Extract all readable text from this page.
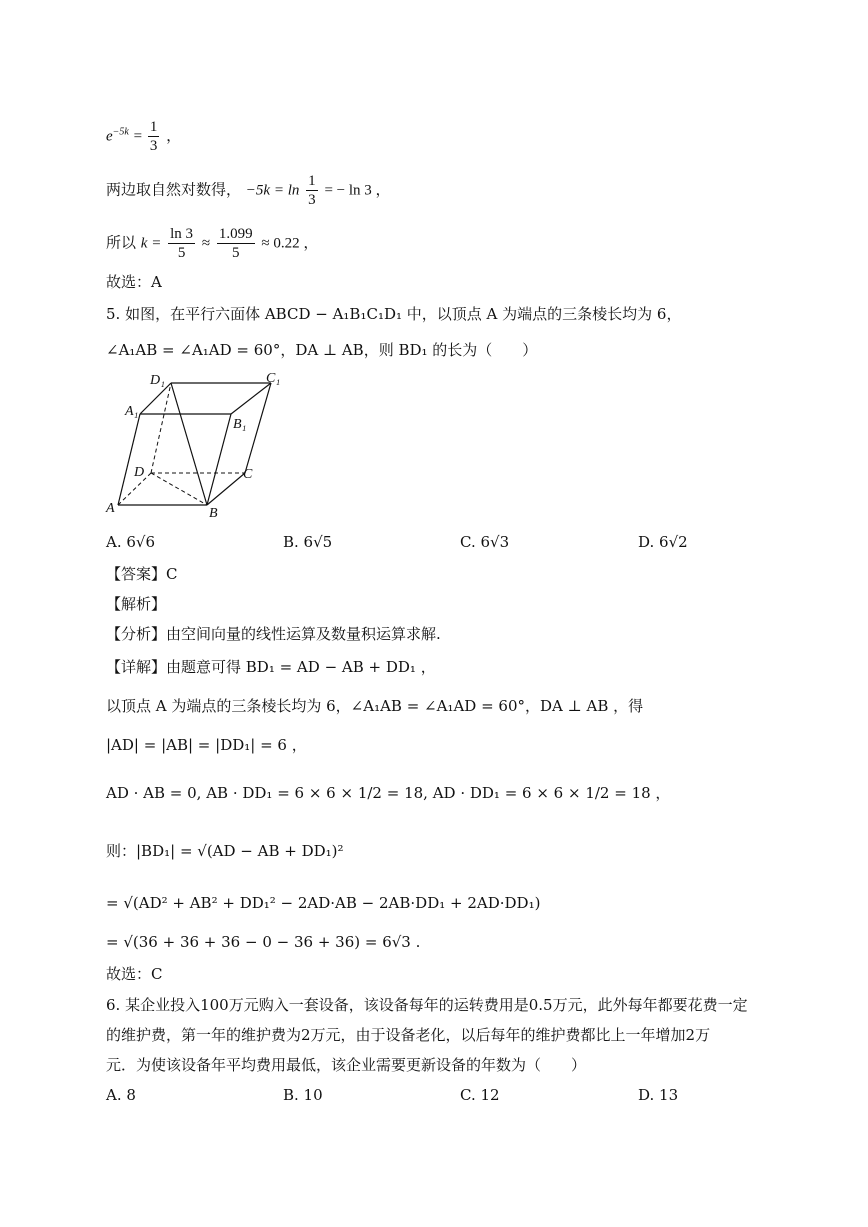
$e^{-5k} = \frac{1}{3}$ ，
两边取自然对数得， $-5k = \ln \frac{1}{3}$ = − ln 3 ，
所以 $k = \frac{\ln 3}{5} \approx \frac{1.099}{5} \approx 0.22$ ，
故选：A
5. 如图，在平行六面体 ABCD − A₁B₁C₁D₁ 中，以顶点 A 为端点的三条棱长均为 6，
∠A₁AB = ∠A₁AD = 60°，DA ⊥ AB，则 BD₁ 的长为（　　）
D₁	C₁
A₁
B₁
D	C
A	B
A. 6√6	B. 6√5	C. 6√3	D. 6√2
【答案】C
【解析】
【分析】由空间向量的线性运算及数量积运算求解.
【详解】由题意可得 BD₁ = AD − AB + DD₁ ，
以顶点 A 为端点的三条棱长均为 6，∠A₁AB = ∠A₁AD = 60°，DA ⊥ AB ，得
|AD| = |AB| = |DD₁| = 6 ，
AD · AB = 0, AB · DD₁ = 6 × 6 × 1/2 = 18, AD · DD₁ = 6 × 6 × 1/2 = 18 ，
则：|BD₁| = √(AD − AB + DD₁)²
= √(AD² + AB² + DD₁² − 2AD·AB − 2AB·DD₁ + 2AD·DD₁)
= √(36 + 36 + 36 − 0 − 36 + 36) = 6√3 .
故选：C
6. 某企业投入100万元购入一套设备，该设备每年的运转费用是0.5万元，此外每年都要花费一定
的维护费，第一年的维护费为2万元，由于设备老化，以后每年的维护费都比上一年增加2万
元．为使该设备年平均费用最低，该企业需要更新设备的年数为（　　）
A. 8	B. 10	C. 12	D. 13
